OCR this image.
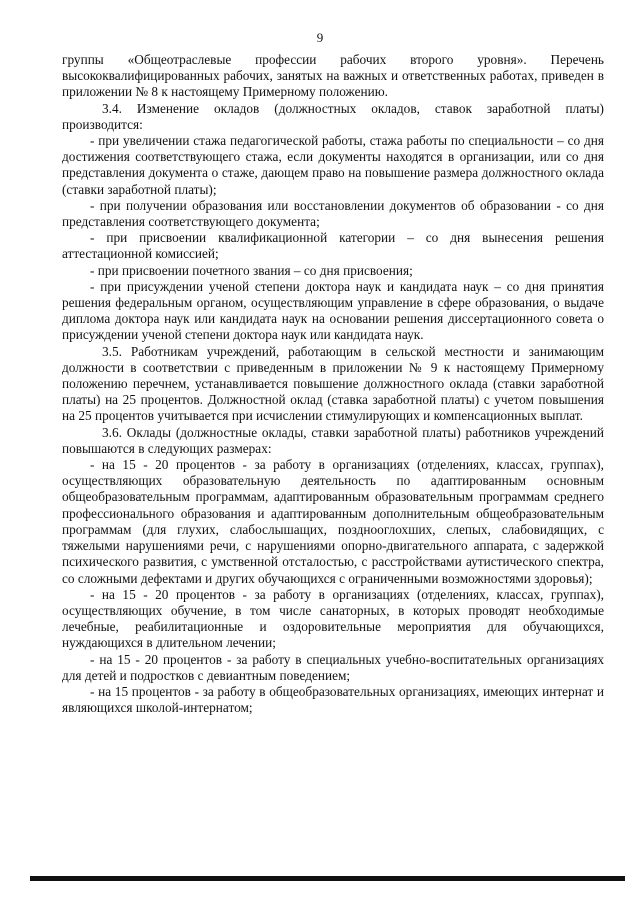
9

группы «Общеотраслевые профессии рабочих второго уровня». Перечень высококвалифицированных рабочих, занятых на важных и ответственных работах, приведен в приложении № 8 к настоящему Примерному положению.

3.4. Изменение окладов (должностных окладов, ставок заработной платы) производится:

- при увеличении стажа педагогической работы, стажа работы по специальности – со дня достижения соответствующего стажа, если документы находятся в организации, или со дня представления документа о стаже, дающем право на повышение размера должностного оклада (ставки заработной платы);

- при получении образования или восстановлении документов об образовании - со дня представления соответствующего документа;

- при присвоении квалификационной категории – со дня вынесения решения аттестационной комиссией;

- при присвоении почетного звания – со дня присвоения;

- при присуждении ученой степени доктора наук и кандидата наук – со дня принятия решения федеральным органом, осуществляющим управление в сфере образования, о выдаче диплома доктора наук или кандидата наук на основании решения диссертационного совета о присуждении ученой степени доктора наук или кандидата наук.

3.5. Работникам учреждений, работающим в сельской местности и занимающим должности в соответствии с приведенным в приложении № 9 к настоящему Примерному положению перечнем, устанавливается повышение должностного оклада (ставки заработной платы) на 25 процентов. Должностной оклад (ставка заработной платы) с учетом повышения на 25 процентов учитывается при исчислении стимулирующих и компенсационных выплат.

3.6. Оклады (должностные оклады, ставки заработной платы) работников учреждений повышаются в следующих размерах:

- на 15 - 20 процентов - за работу в организациях (отделениях, классах, группах), осуществляющих образовательную деятельность по адаптированным основным общеобразовательным программам, адаптированным образовательным программам среднего профессионального образования и адаптированным дополнительным общеобразовательным программам (для глухих, слабослышащих, позднооглохших, слепых, слабовидящих, с тяжелыми нарушениями речи, с нарушениями опорно-двигательного аппарата, с задержкой психического развития, с умственной отсталостью, с расстройствами аутистического спектра, со сложными дефектами и других обучающихся с ограниченными возможностями здоровья);

- на 15 - 20 процентов - за работу в организациях (отделениях, классах, группах), осуществляющих обучение, в том числе санаторных, в которых проводят необходимые лечебные, реабилитационные и оздоровительные мероприятия для обучающихся, нуждающихся в длительном лечении;

- на 15 - 20 процентов - за работу в специальных учебно-воспитательных организациях для детей и подростков с девиантным поведением;

- на 15 процентов - за работу в общеобразовательных организациях, имеющих интернат и являющихся школой-интернатом;
